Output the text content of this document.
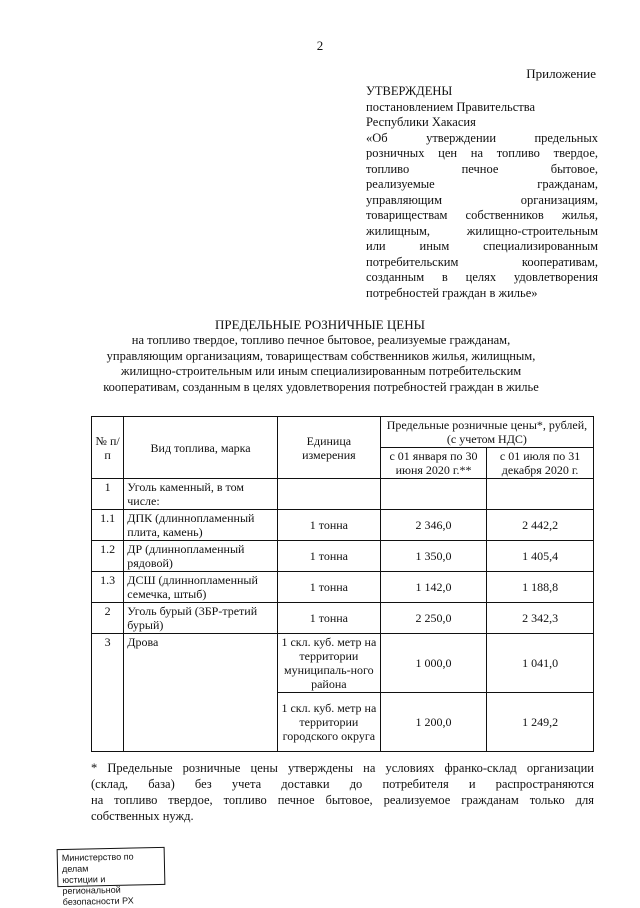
2
Приложение
УТВЕРЖДЕНЫ
постановлением Правительства
Республики Хакасия
«Об утверждении предельных
розничных цен на топливо твердое,
топливо печное бытовое,
реализуемые гражданам,
управляющим организациям,
товариществам собственников жилья,
жилищным, жилищно-строительным
или иным специализированным
потребительским кооперативам,
созданным в целях удовлетворения
потребностей граждан в жилье»
ПРЕДЕЛЬНЫЕ РОЗНИЧНЫЕ ЦЕНЫ
на топливо твердое, топливо печное бытовое, реализуемые гражданам,
управляющим организациям, товариществам собственников жилья, жилищным,
жилищно-строительным или иным специализированным потребительским
кооперативам, созданным в целях удовлетворения потребностей граждан в жилье
№ п/п	Вид топлива, марка	Единица измерения	Предельные розничные цены*, рублей, (с учетом НДС)	
			с 01 января по 30 июня 2020 г.**	с 01 июля по 31 декабря 2020 г.
1	Уголь каменный, в том числе:			
1.1	ДПК (длиннопламенный плита, камень)	1 тонна	2 346,0	2 442,2
1.2	ДР (длиннопламенный рядовой)	1 тонна	1 350,0	1 405,4
1.3	ДСШ (длиннопламенный семечка, штыб)	1 тонна	1 142,0	1 188,8
2	Уголь бурый (3БР-третий бурый)	1 тонна	2 250,0	2 342,3
3	Дрова	1 скл. куб. метр на территории муниципаль-ного района	1 000,0	1 041,0
		1 скл. куб. метр на территории городского округа	1 200,0	1 249,2
* Предельные розничные цены утверждены на условиях франко-склад организации
(склад, база) без учета доставки до потребителя и распространяются
на топливо твердое, топливо печное бытовое, реализуемое гражданам только для
собственных нужд.
Министерство по делам
юстиции и региональной
безопасности РХ
